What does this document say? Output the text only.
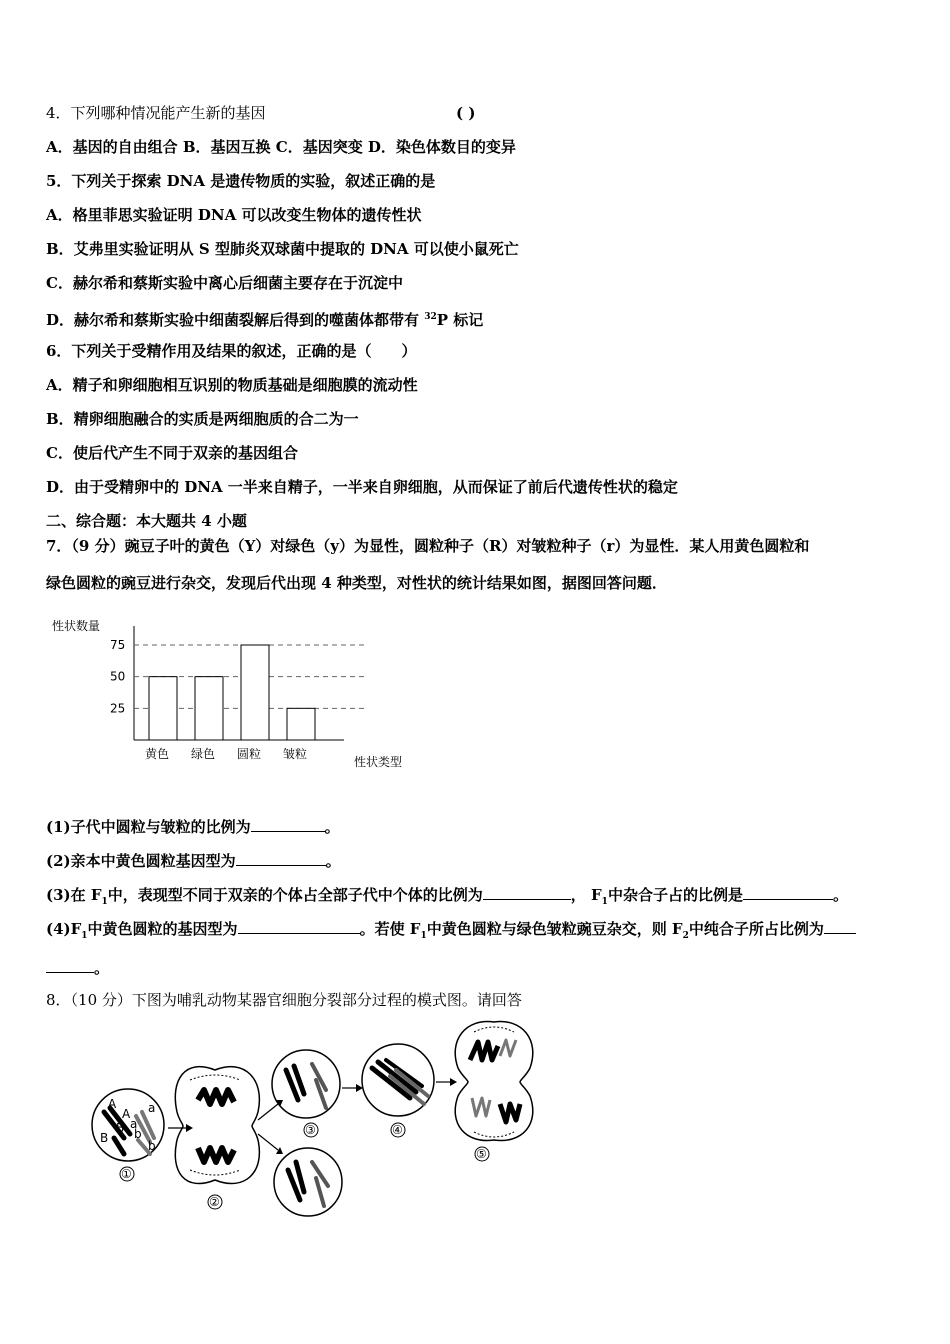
4．下列哪种情况能产生新的基因	( )
A．基因的自由组合 B．基因互换 C．基因突变 D．染色体数目的变异
5．下列关于探索 DNA 是遗传物质的实验，叙述正确的是
A．格里菲思实验证明 DNA 可以改变生物体的遗传性状
B．艾弗里实验证明从 S 型肺炎双球菌中提取的 DNA 可以使小鼠死亡
C．赫尔希和蔡斯实验中离心后细菌主要存在于沉淀中
D．赫尔希和蔡斯实验中细菌裂解后得到的噬菌体都带有 $^{32}$P 标记
6．下列关于受精作用及结果的叙述，正确的是（　　）
A．精子和卵细胞相互识别的物质基础是细胞膜的流动性
B．精卵细胞融合的实质是两细胞质的合二为一
C．使后代产生不同于双亲的基因组合
D．由于受精卵中的 DNA 一半来自精子，一半来自卵细胞，从而保证了前后代遗传性状的稳定
二、综合题：本大题共 4 小题
7．（9 分）豌豆子叶的黄色（Y）对绿色（y）为显性，圆粒种子（R）对皱粒种子（r）为显性．某人用黄色圆粒和
绿色圆粒的豌豆进行杂交，发现后代出现 4 种类型，对性状的统计结果如图，据图回答问题．
性状数量
性状类型
25
50
75
黄色 绿色 圆粒 皱粒
(1)子代中圆粒与皱粒的比例为	。
(2)亲本中黄色圆粒基因型为	。
(3)在 $F_1$中，表现型不同于双亲的个体占全部子代中个体的比例为	， $F_1$中杂合子占的比例是	。
$(4)F_1$中黄色圆粒的基因型为	。若使 $F_1$中黄色圆粒与绿色皱粒豌豆杂交，则 $F_2$中纯合子所占比例为
。
8．（10 分）下图为哺乳动物某器官细胞分裂部分过程的模式图。请回答
A
A a
a
B
B b
b
①
②
③	④
⑤
